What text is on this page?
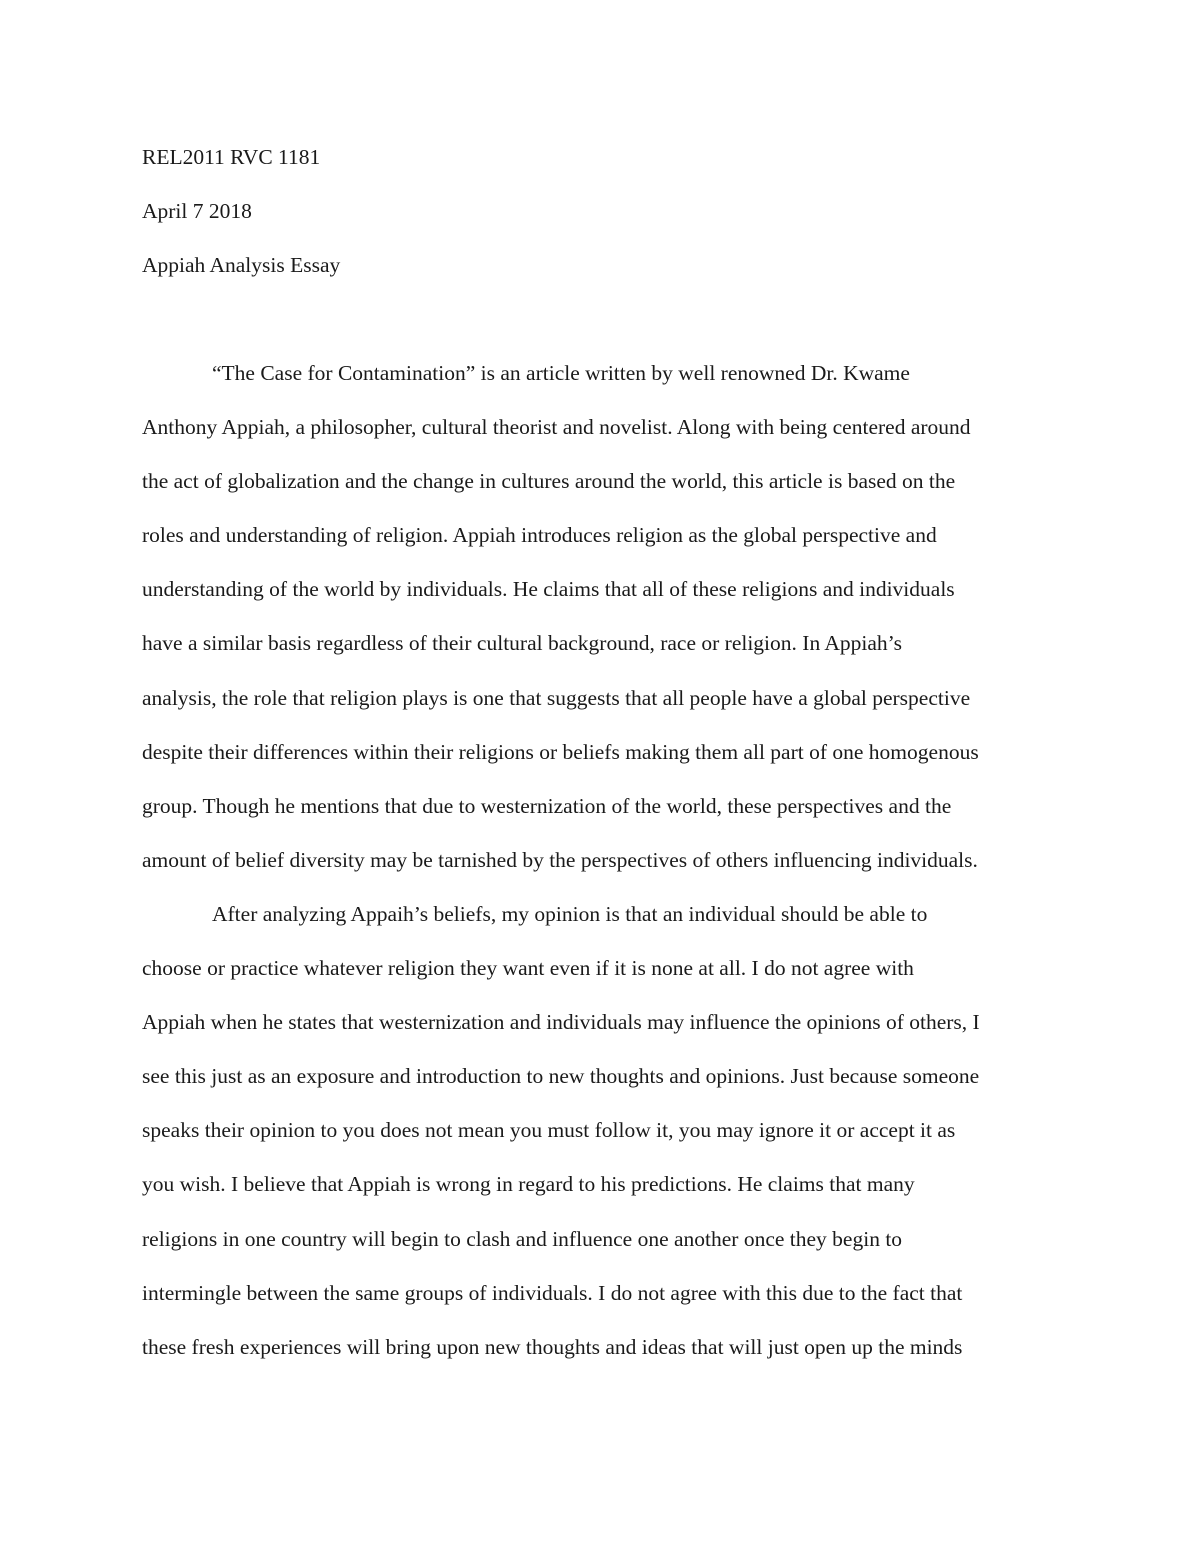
REL2011 RVC 1181
April 7 2018
Appiah Analysis Essay

“The Case for Contamination” is an article written by well renowned Dr. Kwame
Anthony Appiah, a philosopher, cultural theorist and novelist. Along with being centered around
the act of globalization and the change in cultures around the world, this article is based on the
roles and understanding of religion. Appiah introduces religion as the global perspective and
understanding of the world by individuals. He claims that all of these religions and individuals
have a similar basis regardless of their cultural background, race or religion. In Appiah’s
analysis, the role that religion plays is one that suggests that all people have a global perspective
despite their differences within their religions or beliefs making them all part of one homogenous
group. Though he mentions that due to westernization of the world, these perspectives and the
amount of belief diversity may be tarnished by the perspectives of others influencing individuals.

After analyzing Appaih’s beliefs, my opinion is that an individual should be able to
choose or practice whatever religion they want even if it is none at all. I do not agree with
Appiah when he states that westernization and individuals may influence the opinions of others, I
see this just as an exposure and introduction to new thoughts and opinions. Just because someone
speaks their opinion to you does not mean you must follow it, you may ignore it or accept it as
you wish. I believe that Appiah is wrong in regard to his predictions. He claims that many
religions in one country will begin to clash and influence one another once they begin to
intermingle between the same groups of individuals. I do not agree with this due to the fact that
these fresh experiences will bring upon new thoughts and ideas that will just open up the minds
